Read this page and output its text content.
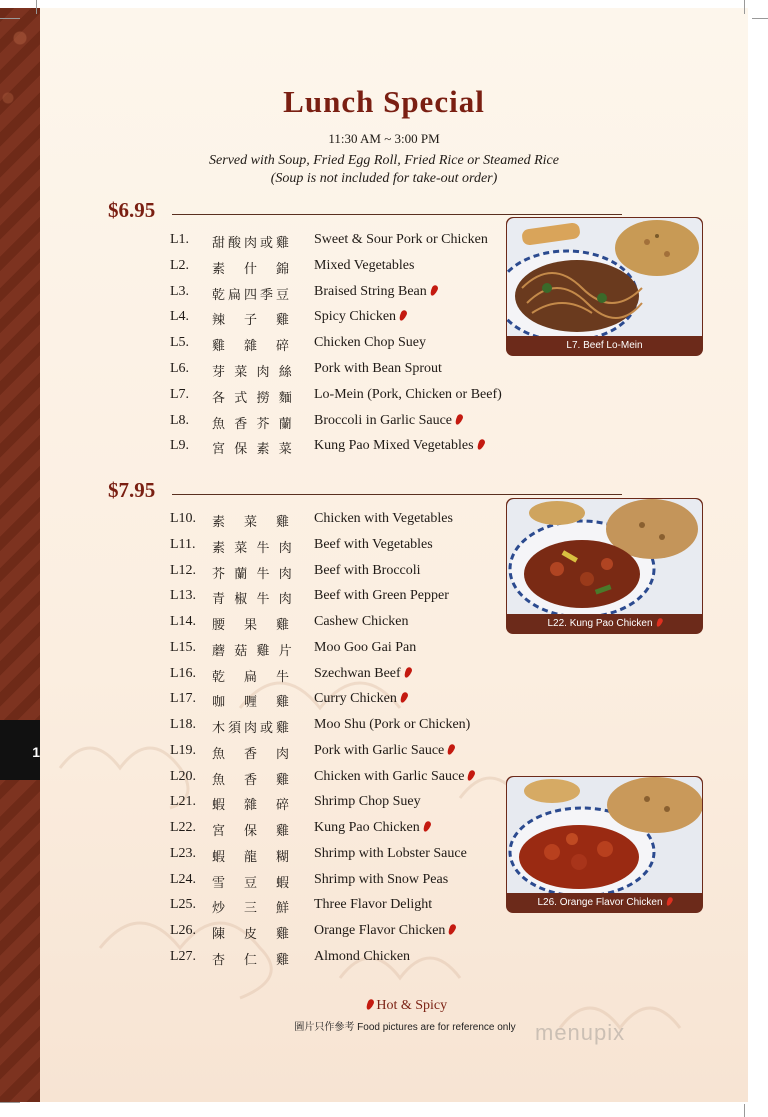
1
Lunch Special
11:30 AM ~ 3:00 PM
Served with Soup, Fried Egg Roll, Fried Rice or Steamed Rice
(Soup is not included for take-out order)
$6.95
$7.95
L1.	甜酸肉或雞	Sweet & Sour Pork or Chicken
L2.	素　什　錦	Mixed Vegetables
L3.	乾扁四季豆	Braised String Bean
L4.	辣　子　雞	Spicy Chicken
L5.	雞　雜　碎	Chicken Chop Suey
L6.	芽 菜 肉 絲	Pork with Bean Sprout
L7.	各 式 撈 麵	Lo-Mein (Pork, Chicken or Beef)
L8.	魚 香 芥 蘭	Broccoli in Garlic Sauce
L9.	宮 保 素 菜	Kung Pao Mixed Vegetables
L10.	素　菜　雞	Chicken with Vegetables
L11.	素 菜 牛 肉	Beef with Vegetables
L12.	芥 蘭 牛 肉	Beef with Broccoli
L13.	青 椒 牛 肉	Beef with Green Pepper
L14.	腰　果　雞	Cashew Chicken
L15.	蘑 菇 雞 片	Moo Goo Gai Pan
L16.	乾　扁　牛	Szechwan Beef
L17.	咖　喱　雞	Curry Chicken
L18.	木須肉或雞	Moo Shu (Pork or Chicken)
L19.	魚　香　肉	Pork with Garlic Sauce
L20.	魚　香　雞	Chicken with Garlic Sauce
L21.	蝦　雜　碎	Shrimp Chop Suey
L22.	宮　保　雞	Kung Pao Chicken
L23.	蝦　龍　糊	Shrimp with Lobster Sauce
L24.	雪　豆　蝦	Shrimp with Snow Peas
L25.	炒　三　鮮	Three Flavor Delight
L26.	陳　皮　雞	Orange Flavor Chicken
L27.	杏　仁　雞	Almond Chicken
L7. Beef Lo-Mein
L22. Kung Pao Chicken
L26. Orange Flavor Chicken
Hot & Spicy
圖片只作參考 Food pictures are for reference only menupix
